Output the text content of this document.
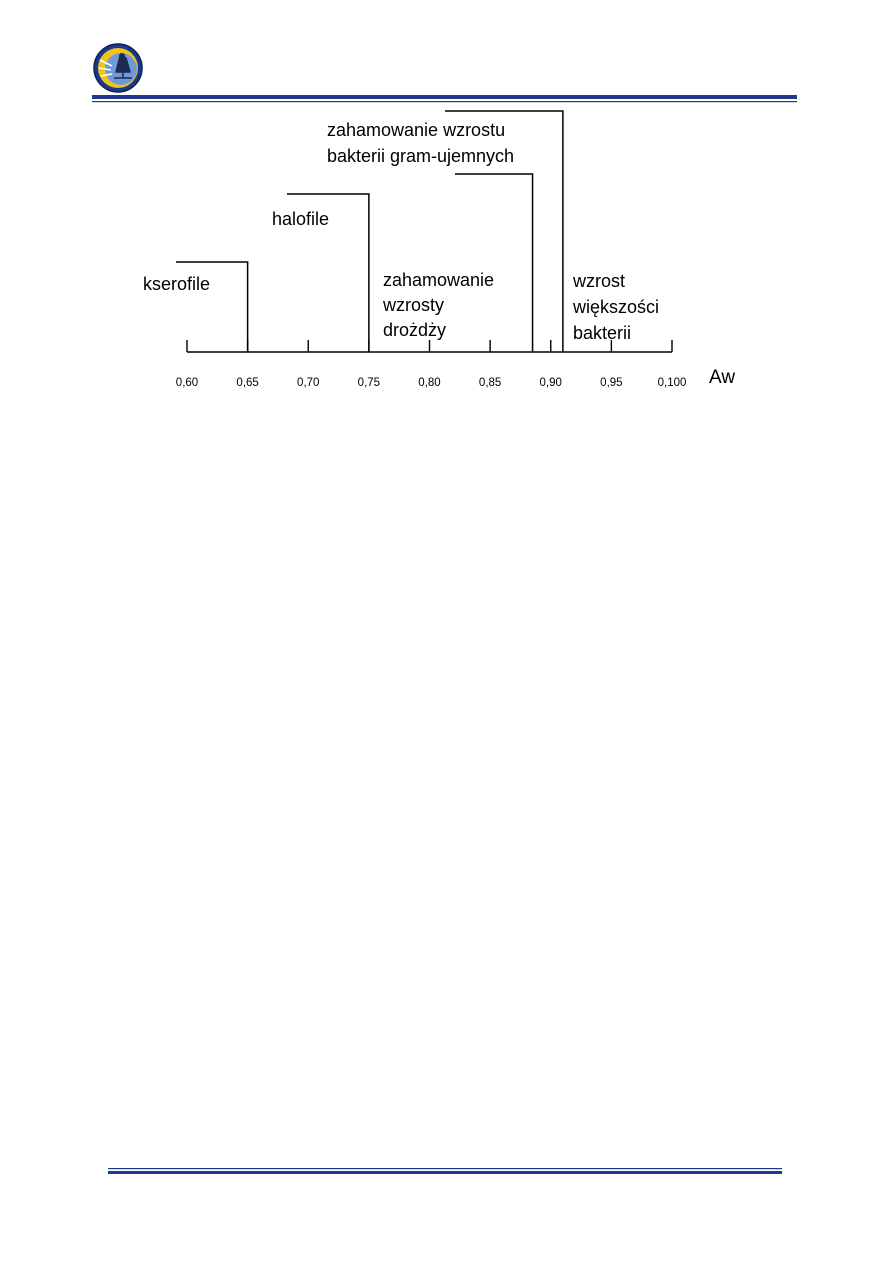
0,60	0,65	0,70	0,75	0,80	0,85	0,90	0,95	0,100 Aw
kserofile
halofile
zahamowanie wzrostu
bakterii gram-ujemnych
wzrost
większości
bakterii
zahamowanie
wzrosty
drożdży
